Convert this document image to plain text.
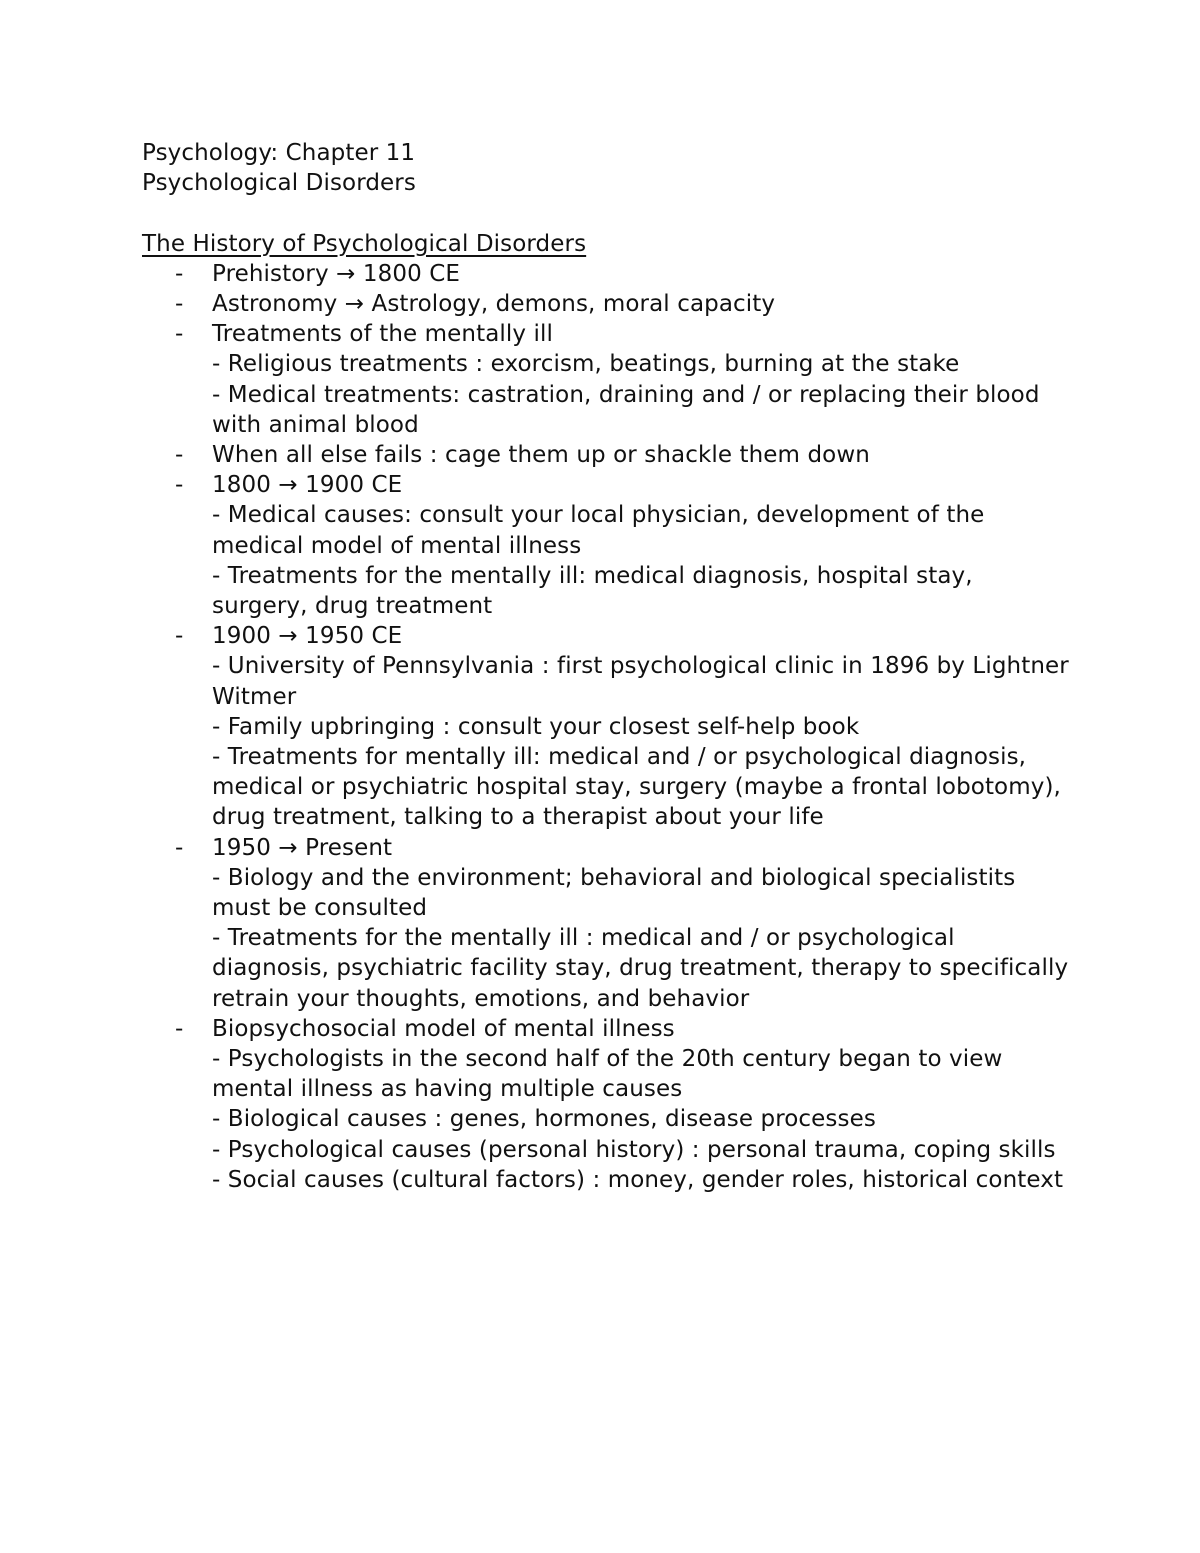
Psychology: Chapter 11

Psychological Disorders

The History of Psychological Disorders

- Prehistory → 1800 CE
- Astronomy → Astrology, demons, moral capacity
- Treatments of the mentally ill

- Religious treatments : exorcism, beatings, burning at the stake

- Medical treatments: castration, draining and / or replacing their blood with animal blood

- When all else fails : cage them up or shackle them down
- 1800 → 1900 CE

- Medical causes: consult your local physician, development of the medical model of mental illness

- Treatments for the mentally ill: medical diagnosis, hospital stay, surgery, drug treatment

- 1900 → 1950 CE

- University of Pennsylvania : first psychological clinic in 1896 by Lightner Witmer

- Family upbringing : consult your closest self-help book

- Treatments for mentally ill: medical and / or psychological diagnosis, medical or psychiatric hospital stay, surgery (maybe a frontal lobotomy), drug treatment, talking to a therapist about your life

- 1950 → Present

- Biology and the environment; behavioral and biological specialistits must be consulted

- Treatments for the mentally ill : medical and / or psychological diagnosis, psychiatric facility stay, drug treatment, therapy to specifically retrain your thoughts, emotions, and behavior

- Biopsychosocial model of mental illness

- Psychologists in the second half of the 20th century began to view mental illness as having multiple causes

- Biological causes : genes, hormones, disease processes

- Psychological causes (personal history) : personal trauma, coping skills

- Social causes (cultural factors) : money, gender roles, historical context
